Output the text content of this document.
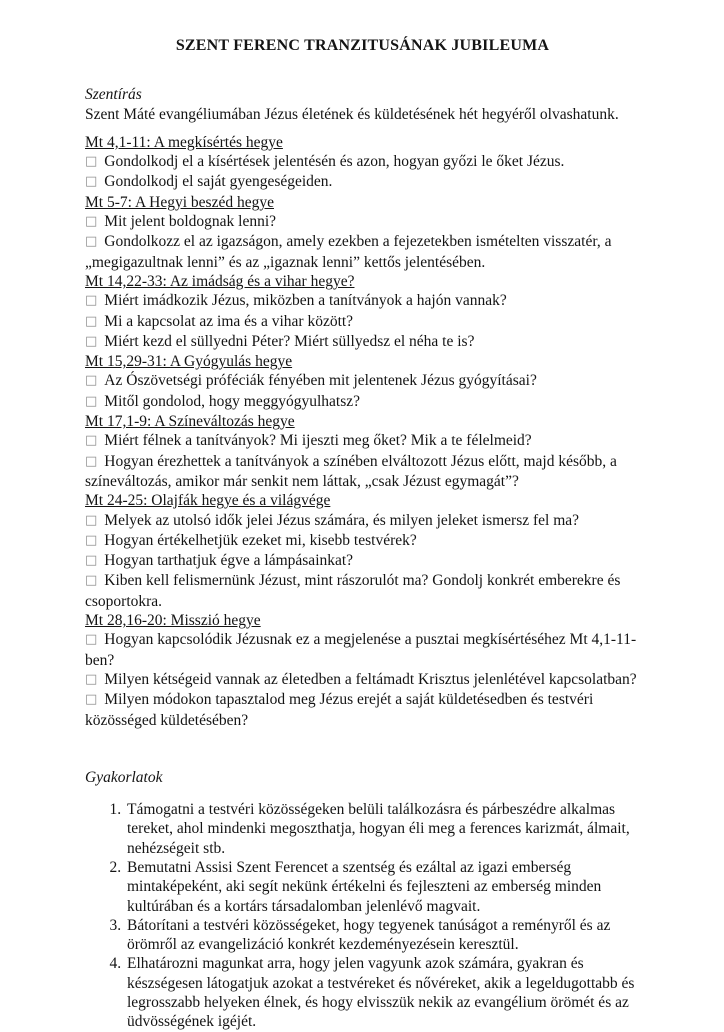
SZENT FERENC TRANZITUSÁNAK JUBILEUMA
Szentírás

Szent Máté evangéliumában Jézus életének és küldetésének hét hegyéről olvashatunk.

Mt 4,1-11: A megkísértés hegye
□ Gondolkodj el a kísértések jelentésén és azon, hogyan győzi le őket Jézus.
□ Gondolkodj el saját gyengeségeiden.
Mt 5-7: A Hegyi beszéd hegye
□ Mit jelent boldognak lenni?
□ Gondolkozz el az igazságon, amely ezekben a fejezetekben ismételten visszatér, a „megigazultnak lenni” és az „igaznak lenni” kettős jelentésében.
Mt 14,22-33: Az imádság és a vihar hegye?
□ Miért imádkozik Jézus, miközben a tanítványok a hajón vannak?
□ Mi a kapcsolat az ima és a vihar között?
□ Miért kezd el süllyedni Péter? Miért süllyedsz el néha te is?
Mt 15,29-31: A Gyógyulás hegye
□ Az Ószövetségi próféciák fényében mit jelentenek Jézus gyógyításai?
□ Mitől gondolod, hogy meggyógyulhatsz?
Mt 17,1-9: A Színeváltozás hegye
□ Miért félnek a tanítványok? Mi ijeszti meg őket? Mik a te félelmeid?
□ Hogyan érezhettek a tanítványok a színében elváltozott Jézus előtt, majd később, a színeváltozás, amikor már senkit nem láttak, „csak Jézust egymagát”?
Mt 24-25: Olajfák hegye és a világvége
□ Melyek az utolsó idők jelei Jézus számára, és milyen jeleket ismersz fel ma?
□ Hogyan értékelhetjük ezeket mi, kisebb testvérek?
□ Hogyan tarthatjuk égve a lámpásainkat?
□ Kiben kell felismernünk Jézust, mint rászorulót ma? Gondolj konkrét emberekre és csoportokra.
Mt 28,16-20: Misszió hegye
□ Hogyan kapcsolódik Jézusnak ez a megjelenése a pusztai megkísértéséhez Mt 4,1-11-ben?
□ Milyen kétségeid vannak az életedben a feltámadt Krisztus jelenlétével kapcsolatban?
□ Milyen módokon tapasztalod meg Jézus erejét a saját küldetésedben és testvéri közösséged küldetésében?
Gyakorlatok
1. Támogatni a testvéri közösségeken belüli találkozásra és párbeszédre alkalmas tereket, ahol mindenki megoszthatja, hogyan éli meg a ferences karizmát, álmait, nehézségeit stb.
2. Bemutatni Assisi Szent Ferencet a szentség és ezáltal az igazi emberség mintaképeként, aki segít nekünk értékelni és fejleszteni az emberség minden kultúrában és a kortárs társadalomban jelenlévő magvait.
3. Bátorítani a testvéri közösségeket, hogy tegyenek tanúságot a reményről és az örömről az evangelizáció konkrét kezdeményezésein keresztül.
4. Elhatározni magunkat arra, hogy jelen vagyunk azok számára, gyakran és készségesen látogatjuk azokat a testvéreket és nővéreket, akik a legeldugottabb és legrosszabb helyeken élnek, és hogy elvisszük nekik az evangélium örömét és az üdvösségének igéjét.
